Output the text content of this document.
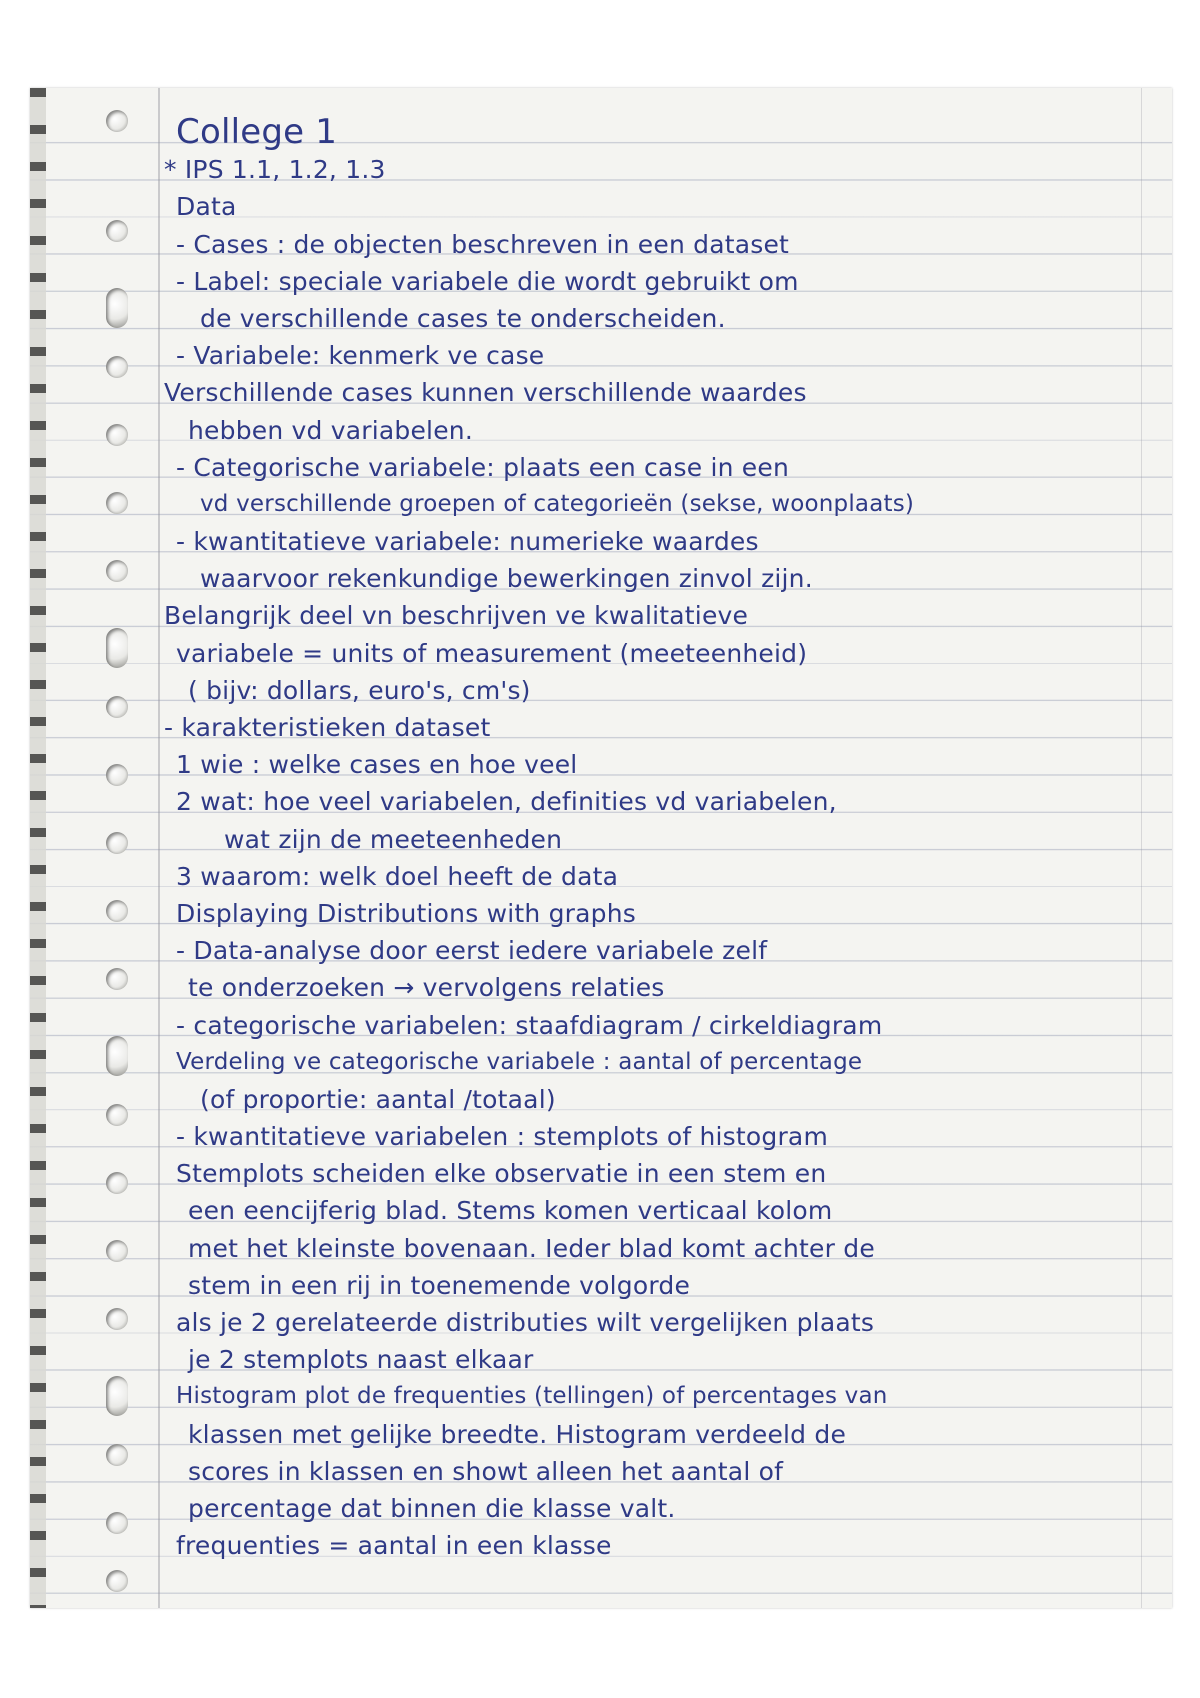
College 1
* IPS 1.1, 1.2, 1.3
Data
- Cases : de objecten beschreven in een dataset
- Label: speciale variabele die wordt gebruikt om
de verschillende cases te onderscheiden.
- Variabele: kenmerk ve case
Verschillende cases kunnen verschillende waardes
hebben vd variabelen.
- Categorische variabele: plaats een case in een
vd verschillende groepen of categorieën (sekse, woonplaats)
- kwantitatieve variabele: numerieke waardes
waarvoor rekenkundige bewerkingen zinvol zijn.
Belangrijk deel vn beschrijven ve kwalitatieve
variabele = units of measurement (meeteenheid)
( bijv: dollars, euro's, cm's)
- karakteristieken dataset
1 wie : welke cases en hoe veel
2 wat: hoe veel variabelen, definities vd variabelen,
wat zijn de meeteenheden
3 waarom: welk doel heeft de data
Displaying Distributions with graphs
- Data-analyse door eerst iedere variabele zelf
te onderzoeken → vervolgens relaties
- categorische variabelen: staafdiagram / cirkeldiagram
Verdeling ve categorische variabele : aantal of percentage
(of proportie: aantal /totaal)
- kwantitatieve variabelen : stemplots of histogram
Stemplots scheiden elke observatie in een stem en
een eencijferig blad. Stems komen verticaal kolom
met het kleinste bovenaan. Ieder blad komt achter de
stem in een rij in toenemende volgorde
als je 2 gerelateerde distributies wilt vergelijken plaats
je 2 stemplots naast elkaar
Histogram plot de frequenties (tellingen) of percentages van
klassen met gelijke breedte. Histogram verdeeld de
scores in klassen en showt alleen het aantal of
percentage dat binnen die klasse valt.
frequenties = aantal in een klasse
